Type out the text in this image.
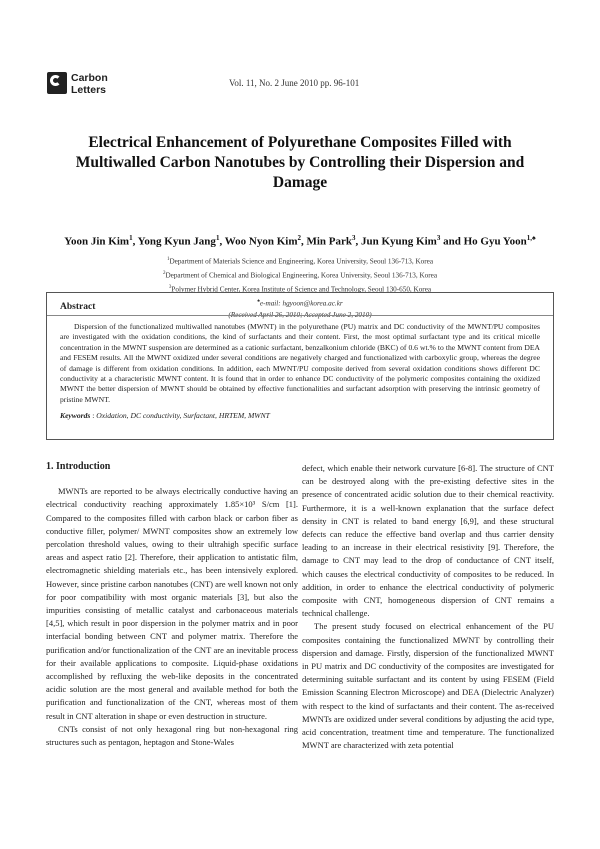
Carbon
Letters
Vol. 11, No. 2 June 2010 pp. 96-101
Electrical Enhancement of Polyurethane Composites Filled with Multiwalled Carbon Nanotubes by Controlling their Dispersion and Damage
Yoon Jin Kim$^1$, Yong Kyun Jang$^1$, Woo Nyon Kim$^2$, Min Park$^3$, Jun Kyung Kim$^3$ and Ho Gyu Yoon$^{1,♠}$
$^1$Department of Materials Science and Engineering, Korea University, Seoul 136-713, Korea
$^2$Department of Chemical and Biological Engineering, Korea University, Seoul 136-713, Korea
$^3$Polymer Hybrid Center, Korea Institute of Science and Technology, Seoul 130-650, Korea
♠e-mail: hgyoon@korea.ac.kr
(Received April 26, 2010; Accepted June 2, 2010)
Abstract

Dispersion of the functionalized multiwalled nanotubes (MWNT) in the polyurethane (PU) matrix and DC conductivity of the MWNT/PU composites are investigated with the oxidation conditions, the kind of surfactants and their content. First, the most optimal surfactant type and its critical micelle concentration in the MWNT suspension are determined as a cationic surfactant, benzalkonium chloride (BKC) of 0.6 wt.% to the MWNT content from DEA and FESEM results. All the MWNT oxidized under several conditions are negatively charged and functionalized with carboxylic group, whereas the degree of damage is different from oxidation conditions. In addition, each MWNT/PU composite derived from several oxidation conditions shows different DC conductivity at a characteristic MWNT content. It is found that in order to enhance DC conductivity of the polymeric composites containing the oxidized MWNT the better dispersion of MWNT should be obtained by effective functionalities and surfactant adsorption with preserving the intrinsic geometry of pristine MWNT.

Keywords : Oxidation, DC conductivity, Surfactant, HRTEM, MWNT
1. Introduction

MWNTs are reported to be always electrically conductive having an electrical conductivity reaching approximately 1.85×10³ S/cm [1]. Compared to the composites filled with carbon black or carbon fiber as conductive filler, polymer/ MWNT composites show an extremely low percolation threshold values, owing to their ultrahigh specific surface areas and aspect ratio [2]. Therefore, their application to antistatic film, electromagnetic shielding materials etc., has been intensively explored. However, since pristine carbon nanotubes (CNT) are well known not only for poor compatibility with most organic materials [3], but also the impurities consisting of metallic catalyst and carbonaceous materials [4,5], which result in poor dispersion in the polymer matrix and in poor interfacial bonding between CNT and polymer matrix. Therefore the purification and/or functionalization of the CNT are an inevitable process for their available applications to composite. Liquid-phase oxidations accomplished by refluxing the web-like deposits in the concentrated acidic solution are the most general and available method for both the purification and functionalization of the CNT, whereas most of them result in CNT alteration in shape or even destruction in structure.

CNTs consist of not only hexagonal ring but non-hexagonal ring structures such as pentagon, heptagon and Stone-Wales

defect, which enable their network curvature [6-8]. The structure of CNT can be destroyed along with the pre-existing defective sites in the presence of concentrated acidic solution due to their chemical reactivity. Furthermore, it is a well-known explanation that the surface defect density in CNT is related to band energy [6,9], and these structural defects can reduce the effective band overlap and thus carrier density leading to an increase in their electrical resistivity [9]. Therefore, the damage to CNT may lead to the drop of conductance of CNT itself, which causes the electrical conductivity of composites to be reduced. In addition, in order to enhance the electrical conductivity of polymeric composite with CNT, homogeneous dispersion of CNT remains a technical challenge.

The present study focused on electrical enhancement of the PU composites containing the functionalized MWNT by controlling their dispersion and damage. Firstly, dispersion of the functionalized MWNT in PU matrix and DC conductivity of the composites are investigated for determining suitable surfactant and its content by using FESEM (Field Emission Scanning Electron Microscope) and DEA (Dielectric Analyzer) with respect to the kind of surfactants and their content. The as-received MWNTs are oxidized under several conditions by adjusting the acid type, acid concentration, treatment time and temperature. The functionalized MWNT are characterized with zeta potential
